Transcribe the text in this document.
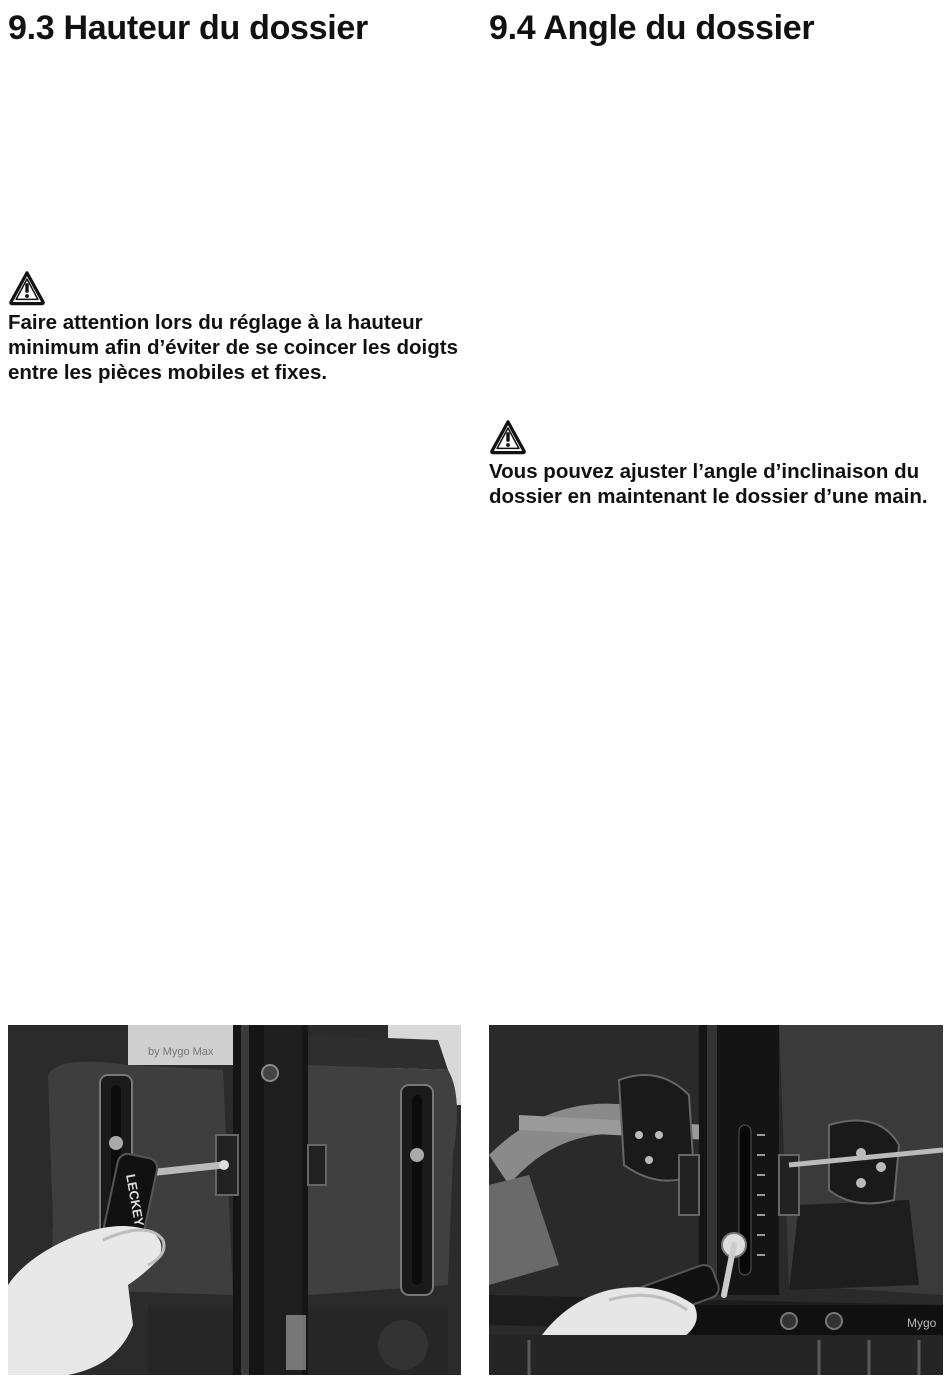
9.3 Hauteur du dossier

Faire attention lors du réglage à la hauteur minimum afin d’éviter de se coincer les doigts entre les pièces mobiles et fixes.

9.4 Angle du dossier

Vous pouvez ajuster l’angle d’inclinaison du dossier en maintenant le dossier d’une main.

LECKEY
by Mygo Max
Mygo
